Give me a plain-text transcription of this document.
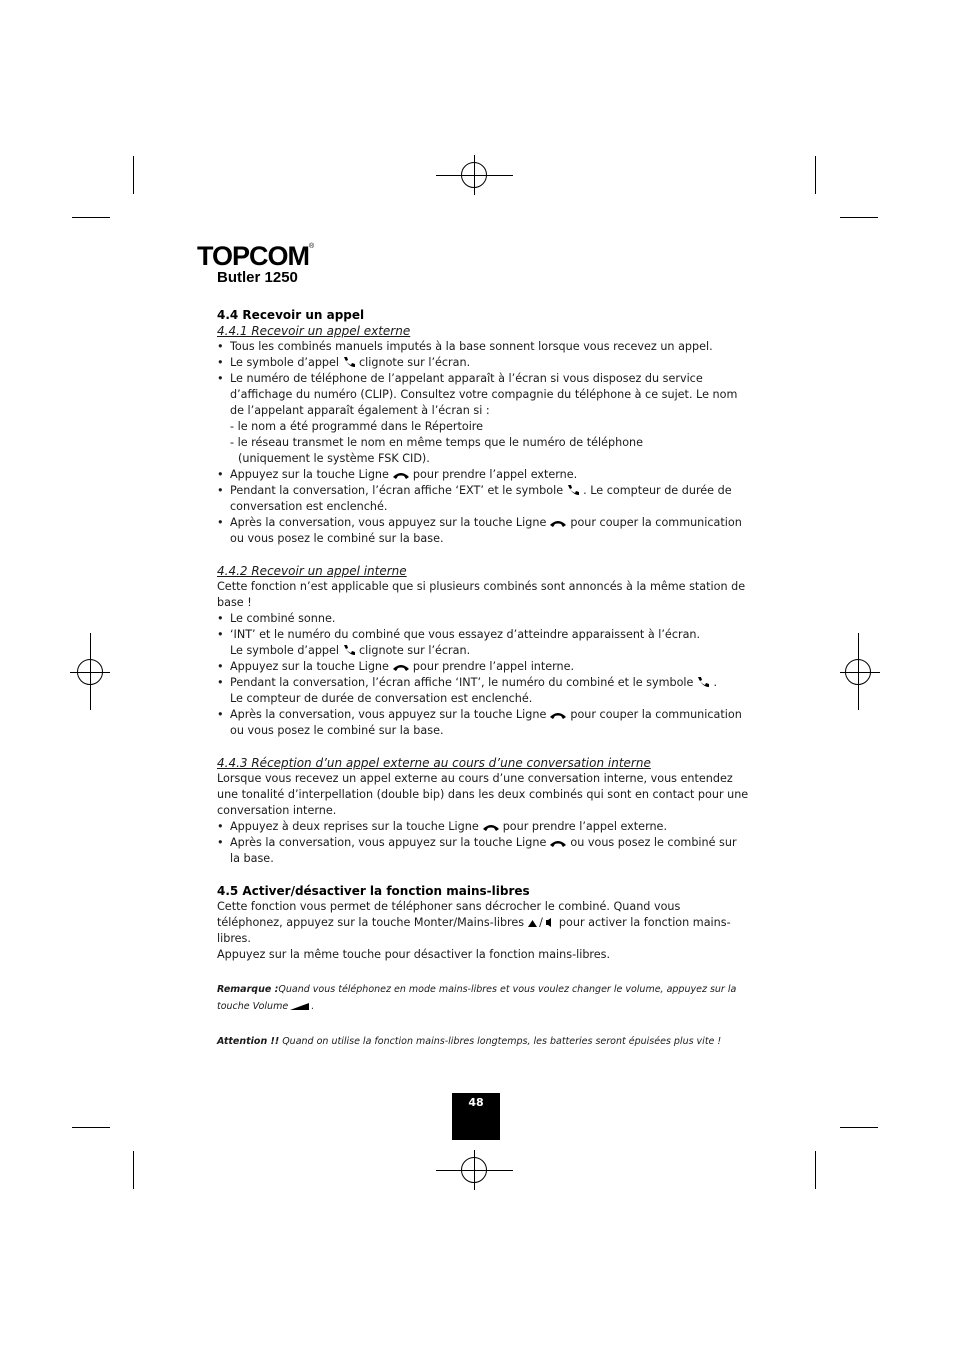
TOPCOM®
Butler 1250

4.4 Recevoir un appel

4.4.1 Recevoir un appel externe

• Tous les combinés manuels imputés à la base sonnent lorsque vous recevez un appel.
• Le symbole d’appel clignote sur l’écran.
• Le numéro de téléphone de l’appelant apparaît à l’écran si vous disposez du service d’affichage du numéro (CLIP). Consultez votre compagnie du téléphone à ce sujet. Le nom de l’appelant apparaît également à l’écran si :
- le nom a été programmé dans le Répertoire
- le réseau transmet le nom en même temps que le numéro de téléphone
(uniquement le système FSK CID).
• Appuyez sur la touche Ligne pour prendre l’appel externe.
• Pendant la conversation, l’écran affiche ‘EXT’ et le symbole . Le compteur de durée de conversation est enclenché.
• Après la conversation, vous appuyez sur la touche Ligne pour couper la communication ou vous posez le combiné sur la base.

4.4.2 Recevoir un appel interne

Cette fonction n’est applicable que si plusieurs combinés sont annoncés à la même station de base !

• Le combiné sonne.
• ‘INT’ et le numéro du combiné que vous essayez d’atteindre apparaissent à l’écran.
Le symbole d’appel clignote sur l’écran.
• Appuyez sur la touche Ligne pour prendre l’appel interne.
• Pendant la conversation, l’écran affiche ‘INT’, le numéro du combiné et le symbole .
Le compteur de durée de conversation est enclenché.
• Après la conversation, vous appuyez sur la touche Ligne pour couper la communication ou vous posez le combiné sur la base.

4.4.3 Réception d’un appel externe au cours d’une conversation interne

Lorsque vous recevez un appel externe au cours d’une conversation interne, vous entendez une tonalité d’interpellation (double bip) dans les deux combinés qui sont en contact pour une conversation interne.

• Appuyez à deux reprises sur la touche Ligne pour prendre l’appel externe.
• Après la conversation, vous appuyez sur la touche Ligne ou vous posez le combiné sur la base.

4.5 Activer/désactiver la fonction mains-libres

Cette fonction vous permet de téléphoner sans décrocher le combiné. Quand vous téléphonez, appuyez sur la touche Monter/Mains-libres / pour activer la fonction mains-libres.

Appuyez sur la même touche pour désactiver la fonction mains-libres.

Remarque :Quand vous téléphonez en mode mains-libres et vous voulez changer le volume, appuyez sur la touche Volume .

Attention !! Quand on utilise la fonction mains-libres longtemps, les batteries seront épuisées plus vite !

48
